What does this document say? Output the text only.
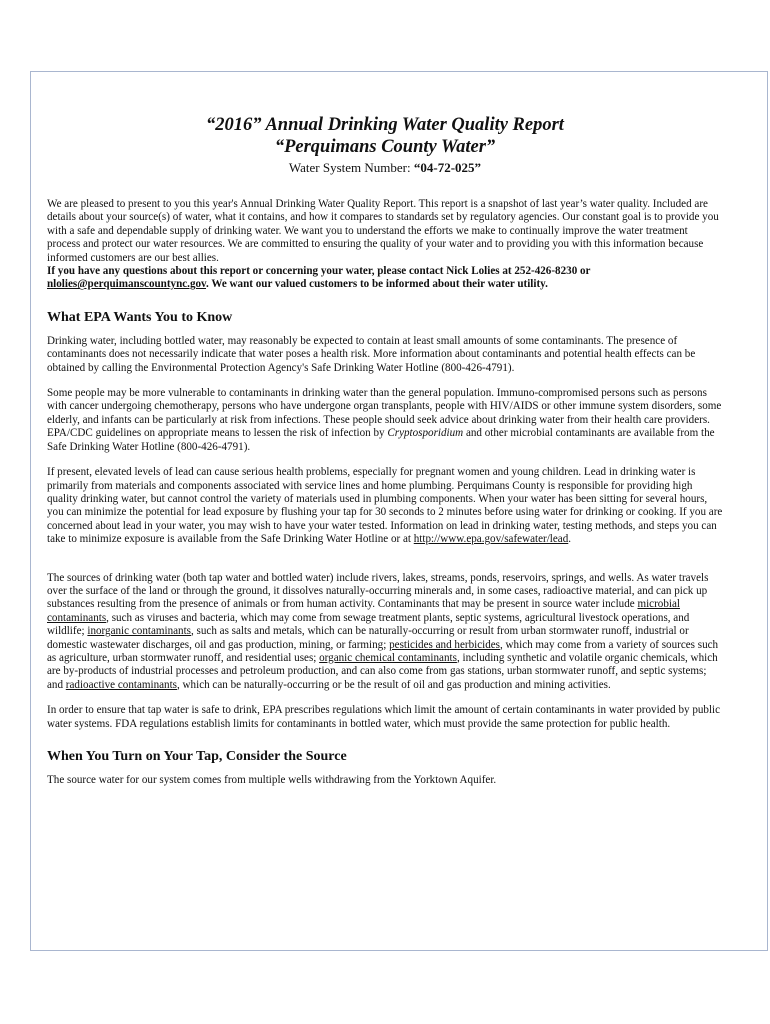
“2016” Annual Drinking Water Quality Report
“Perquimans County Water”
Water System Number: “04-72-025”

We are pleased to present to you this year's Annual Drinking Water Quality Report. This report is a snapshot of last year’s water quality. Included are details about your source(s) of water, what it contains, and how it compares to standards set by regulatory agencies. Our constant goal is to provide you with a safe and dependable supply of drinking water. We want you to understand the efforts we make to continually improve the water treatment process and protect our water resources. We are committed to ensuring the quality of your water and to providing you with this information because informed customers are our best allies.

If you have any questions about this report or concerning your water, please contact Nick Lolies at 252-426-8230 or nlolies@perquimanscountync.gov. We want our valued customers to be informed about their water utility.

What EPA Wants You to Know

Drinking water, including bottled water, may reasonably be expected to contain at least small amounts of some contaminants. The presence of contaminants does not necessarily indicate that water poses a health risk. More information about contaminants and potential health effects can be obtained by calling the Environmental Protection Agency's Safe Drinking Water Hotline (800-426-4791).

Some people may be more vulnerable to contaminants in drinking water than the general population. Immuno-compromised persons such as persons with cancer undergoing chemotherapy, persons who have undergone organ transplants, people with HIV/AIDS or other immune system disorders, some elderly, and infants can be particularly at risk from infections. These people should seek advice about drinking water from their health care providers. EPA/CDC guidelines on appropriate means to lessen the risk of infection by Cryptosporidium and other microbial contaminants are available from the Safe Drinking Water Hotline (800-426-4791).

If present, elevated levels of lead can cause serious health problems, especially for pregnant women and young children. Lead in drinking water is primarily from materials and components associated with service lines and home plumbing. Perquimans County is responsible for providing high quality drinking water, but cannot control the variety of materials used in plumbing components. When your water has been sitting for several hours, you can minimize the potential for lead exposure by flushing your tap for 30 seconds to 2 minutes before using water for drinking or cooking. If you are concerned about lead in your water, you may wish to have your water tested. Information on lead in drinking water, testing methods, and steps you can take to minimize exposure is available from the Safe Drinking Water Hotline or at http://www.epa.gov/safewater/lead.

The sources of drinking water (both tap water and bottled water) include rivers, lakes, streams, ponds, reservoirs, springs, and wells. As water travels over the surface of the land or through the ground, it dissolves naturally-occurring minerals and, in some cases, radioactive material, and can pick up substances resulting from the presence of animals or from human activity. Contaminants that may be present in source water include microbial contaminants, such as viruses and bacteria, which may come from sewage treatment plants, septic systems, agricultural livestock operations, and wildlife; inorganic contaminants, such as salts and metals, which can be naturally-occurring or result from urban stormwater runoff, industrial or domestic wastewater discharges, oil and gas production, mining, or farming; pesticides and herbicides, which may come from a variety of sources such as agriculture, urban stormwater runoff, and residential uses; organic chemical contaminants, including synthetic and volatile organic chemicals, which are by-products of industrial processes and petroleum production, and can also come from gas stations, urban stormwater runoff, and septic systems; and radioactive contaminants, which can be naturally-occurring or be the result of oil and gas production and mining activities.

In order to ensure that tap water is safe to drink, EPA prescribes regulations which limit the amount of certain contaminants in water provided by public water systems. FDA regulations establish limits for contaminants in bottled water, which must provide the same protection for public health.

When You Turn on Your Tap, Consider the Source

The source water for our system comes from multiple wells withdrawing from the Yorktown Aquifer.
